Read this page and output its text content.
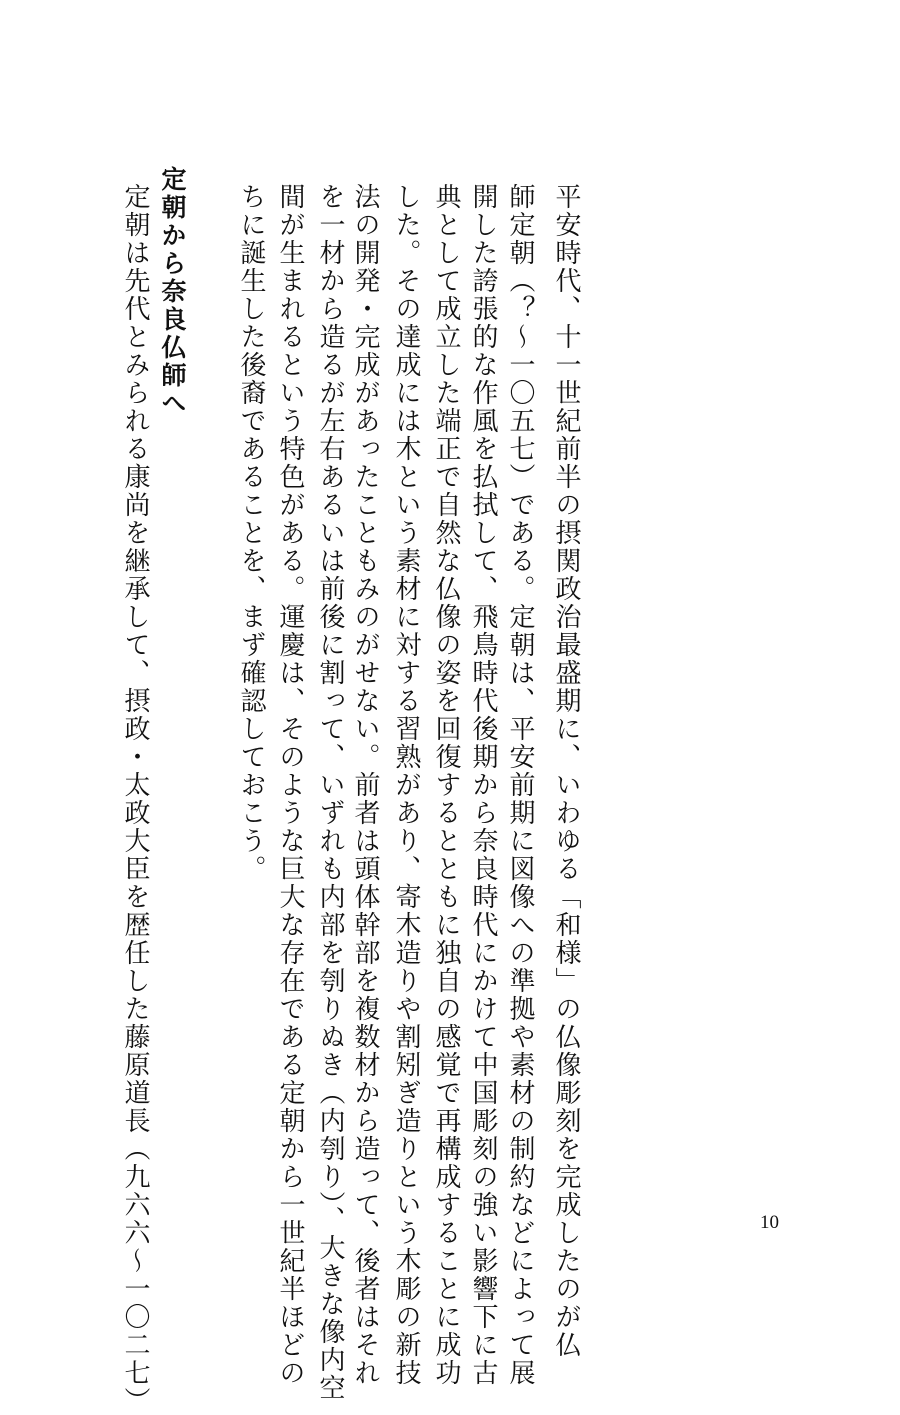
平安時代、十一世紀前半の摂関政治最盛期に、いわゆる「和様」の仏像彫刻を完成したのが仏
師定朝（？〜一〇五七）である。定朝は、平安前期に図像への準拠や素材の制約などによって展
開した誇張的な作風を払拭して、飛鳥時代後期から奈良時代にかけて中国彫刻の強い影響下に古
典として成立した端正で自然な仏像の姿を回復するとともに独自の感覚で再構成することに成功
した。その達成には木という素材に対する習熟があり、寄木造りや割矧ぎ造りという木彫の新技
法の開発・完成があったこともみのがせない。前者は頭体幹部を複数材から造って、後者はそれ
を一材から造るが左右あるいは前後に割って、いずれも内部を刳りぬき（内刳り）、大きな像内空
間が生まれるという特色がある。運慶は、そのような巨大な存在である定朝から一世紀半ほどの
ちに誕生した後裔であることを、まず確認しておこう。
定朝から奈良仏師へ
定朝は先代とみられる康尚を継承して、摂政・太政大臣を歴任した藤原道長（九六六〜一〇二七）	10
